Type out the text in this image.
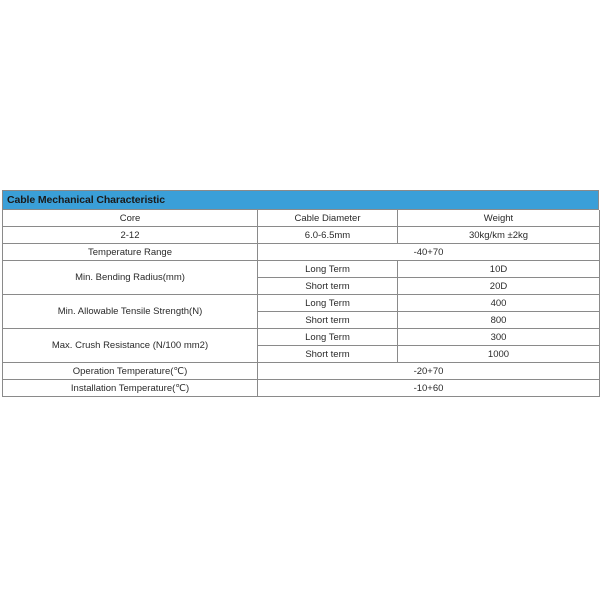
Cable Mechanical Characteristic
Core	Cable Diameter	Weight
2-12	6.0-6.5mm	30kg/km ±2kg
Temperature Range	-40+70	
Min. Bending Radius(mm)	Long Term	10D
	Short term	20D
Min. Allowable Tensile Strength(N)	Long Term	400
	Short term	800
Max. Crush Resistance (N/100 mm2)	Long Term	300
	Short term	1000
Operation Temperature(℃)	-20+70	
Installation Temperature(℃)	-10+60	
